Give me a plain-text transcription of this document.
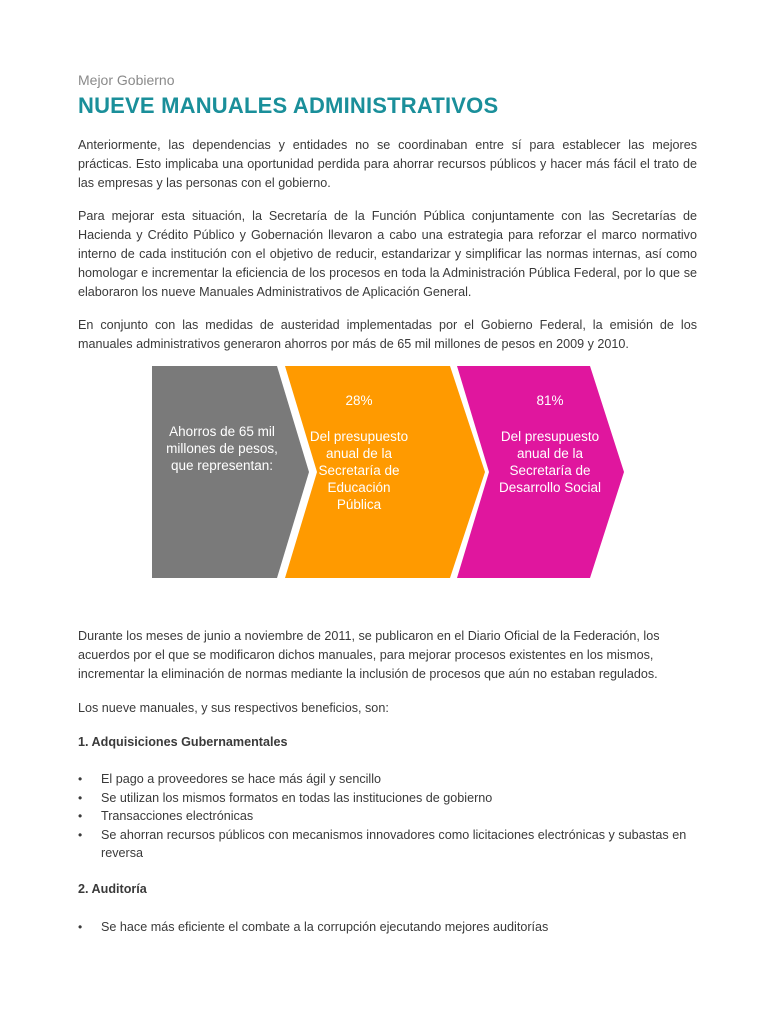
Mejor Gobierno
NUEVE MANUALES ADMINISTRATIVOS

Anteriormente, las dependencias y entidades no se coordinaban entre sí para establecer las mejores prácticas. Esto implicaba una oportunidad perdida para ahorrar recursos públicos y hacer más fácil el trato de las empresas y las personas con el gobierno.

Para mejorar esta situación, la Secretaría de la Función Pública conjuntamente con las Secretarías de Hacienda y Crédito Público y Gobernación llevaron a cabo una estrategia para reforzar el marco normativo interno de cada institución con el objetivo de reducir, estandarizar y simplificar las normas internas, así como homologar e incrementar la eficiencia de los procesos en toda la Administración Pública Federal, por lo que se elaboraron los nueve Manuales Administrativos de Aplicación General.

En conjunto con las medidas de austeridad implementadas por el Gobierno Federal, la emisión de los manuales administrativos generaron ahorros por más de 65 mil millones de pesos en 2009 y 2010.

Durante los meses de junio a noviembre de 2011, se publicaron en el Diario Oficial de la Federación, los acuerdos por el que se modificaron dichos manuales, para mejorar procesos existentes en los mismos, incrementar la eliminación de normas mediante la inclusión de procesos que aún no estaban regulados.

Los nueve manuales, y sus respectivos beneficios, son:

1. Adquisiciones Gubernamentales
• El pago a proveedores se hace más ágil y sencillo
• Se utilizan los mismos formatos en todas las instituciones de gobierno
• Transacciones electrónicas
• Se ahorran recursos públicos con mecanismos innovadores como licitaciones electrónicas y subastas en reversa
2. Auditoría
• Se hace más eficiente el combate a la corrupción ejecutando mejores auditorías
Ahorros de 65 mil millones de pesos, que representan:
28%
Del presupuesto anual de la Secretaría de Educación Pública
81%
Del presupuesto anual de la Secretaría de Desarrollo Social
